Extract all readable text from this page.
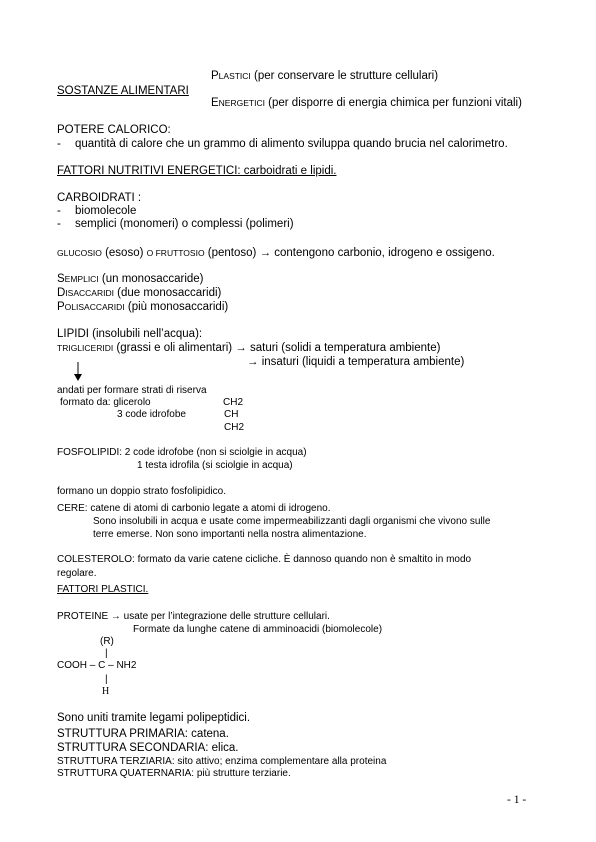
PLASTICI (per conservare le strutture cellulari)
SOSTANZE ALIMENTARI
ENERGETICI (per disporre di energia chimica per funzioni vitali)
POTERE CALORICO:
- quantità di calore che un grammo di alimento sviluppa quando brucia nel calorimetro.
FATTORI NUTRITIVI ENERGETICI: carboidrati e lipidi.
CARBOIDRATI :
- biomolecole
- semplici (monomeri) o complessi (polimeri)
GLUCOSIO (esoso) O FRUTTOSIO (pentoso) → contengono carbonio, idrogeno e ossigeno.
SEMPLICI (un monosaccaride)
DISACCARIDI (due monosaccaridi)
POLISACCARIDI (più monosaccaridi)
LIPIDI (insolubili nell’acqua):
TRIGLICERIDI (grassi e oli alimentari) → saturi (solidi a temperatura ambiente)
→ insaturi (liquidi a temperatura ambiente)
andati per formare strati di riserva
formato da: glicerolo	CH2
3 code idrofobe	CH
CH2
FOSFOLIPIDI: 2 code idrofobe (non si sciolgie in acqua)
1 testa idrofila (si sciolgie in acqua)
formano un doppio strato fosfolipidico.
CERE: catene di atomi di carbonio legate a atomi di idrogeno.
Sono insolubili in acqua e usate come impermeabilizzanti dagli organismi che vivono sulle
terre emerse. Non sono importanti nella nostra alimentazione.
COLESTEROLO: formato da varie catene cicliche. È dannoso quando non è smaltito in modo
regolare.
FATTORI PLASTICI.
PROTEINE → usate per l’integrazione delle strutture cellulari.
Formate da lunghe catene di amminoacidi (biomolecole)
(R)
|
COOH – C – NH2
|
H
Sono uniti tramite legami polipeptidici.
STRUTTURA PRIMARIA: catena.
STRUTTURA SECONDARIA: elica.
STRUTTURA TERZIARIA: sito attivo; enzima complementare alla proteina
STRUTTURA QUATERNARIA: più strutture terziarie.
- 1 -
